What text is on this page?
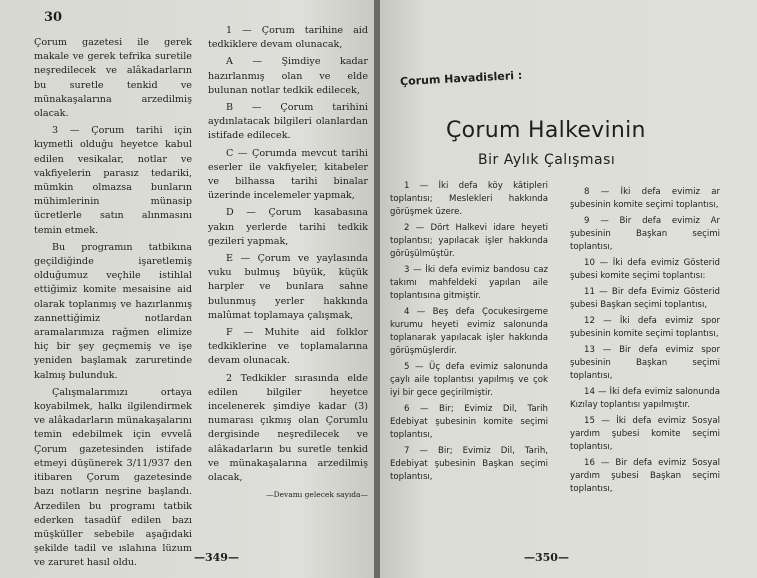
30

Çorum gazetesi ile gerek makale ve gerek tefrika suretile neşredilecek ve alâkadarların bu suretle tenkid ve münakaşalarına arzedilmiş olacak.

3 — Çorum tarihi için kıymetli olduğu heyetce kabul edilen vesikalar, notlar ve vakfiyelerin parasız tedariki, mümkin olmazsa bunların mühimlerinin münasip ücretlerle satın alınmasını temin etmek.

Bu programın tatbikına geçildiğinde işaretlemiş olduğumuz veçhile istihlal ettiğimiz komite mesaisine aid olarak toplanmış ve hazırlanmış zannettiğimiz notlardan aramalarımıza rağmen elimize hiç bir şey geçmemiş ve işe yeniden başlamak zaruretinde kalmış bulunduk.

Çalışmalarımızı ortaya koyabilmek, halkı ilgilendirmek ve alâkadarların münakaşalarını temin edebilmek için evvelâ Çorum gazetesinden istifade etmeyi düşünerek 3/11/937 den itibaren Çorum gazetesinde bazı notların neşrine başlandı. Arzedilen bu programı tatbik ederken tasadüf edilen bazı müşküller sebebile aşağıdaki şekilde tadil ve ıslahına lüzum ve zaruret hasıl oldu.

1 — Çorum tarihine aid tedkiklere devam olunacak,

A — Şimdiye kadar hazırlanmış olan ve elde bulunan notlar tedkik edilecek,

B — Çorum tarihini aydınlatacak bilgileri olanlardan istifade edilecek.

C — Çorumda mevcut tarihi eserler ile vakfiyeler, kitabeler ve bilhassa tarihi binalar üzerinde incelemeler yapmak,

D — Çorum kasabasına yakın yerlerde tarihi tedkik gezileri yapmak,

E — Çorum ve yaylasında vuku bulmuş büyük, küçük harpler ve bunlara sahne bulunmuş yerler hakkında malûmat toplamaya çalışmak,

F — Muhite aid folklor tedkiklerine ve toplamalarına devam olunacak.

2 Tedkikler sırasında elde edilen bilgiler heyetce incelenerek şimdiye kadar (3) numarası çıkmış olan Çorumlu dergisinde neşredilecek ve alâkadarların bu suretle tenkid ve münakaşalarına arzedilmiş olacak,

—Devamı gelecek sayıda—
—349—
Çorum Havadisleri :
Çorum Halkevinin
Bir Aylık Çalışması

1 — İki defa köy kâtipleri toplantısı; Meslekleri hakkında görüşmek üzere.

2 — Dört Halkevi idare heyeti toplantısı; yapılacak işler hakkında görüşülmüştür.

3 — İki defa evimiz bandosu caz takımı mahfeldeki yapılan aile toplantısına gitmiştir.

4 — Beş defa Çocukesirgeme kurumu heyeti evimiz salonunda toplanarak yapılacak işler hakkında görüşmüşlerdir.

5 — Üç defa evimiz salonunda çaylı aile toplantısı yapılmış ve çok iyi bir gece geçirilmiştir.

6 — Bir; Evimiz Dil, Tarih Edebiyat şubesinin komite seçimi toplantısı,

7 — Bir; Evimiz Dil, Tarih, Edebiyat şubesinin Başkan seçimi toplantısı,

8 — İki defa evimiz ar şubesinin komite seçimi toplantısı,

9 — Bir defa evimiz Ar şubesinin Başkan seçimi toplantısı,

10 — İki defa evimiz Gösterid şubesi komite seçimi toplantısı:

11 — Bir defa Evimiz Gösterid şubesi Başkan seçimi toplantısı,

12 — İki defa evimiz spor şubesinin komite seçimi toplantısı,

13 — Bir defa evimiz spor şubesinin Başkan seçimi toplantısı,

14 — İki defa evimiz salonunda Kızılay toplantısı yapılmıştır.

15 — İki defa evimiz Sosyal yardım şubesi komite seçimi toplantısı,

16 — Bir defa evimiz Sosyal yardım şubesi Başkan seçimi toplantısı,

—350—
